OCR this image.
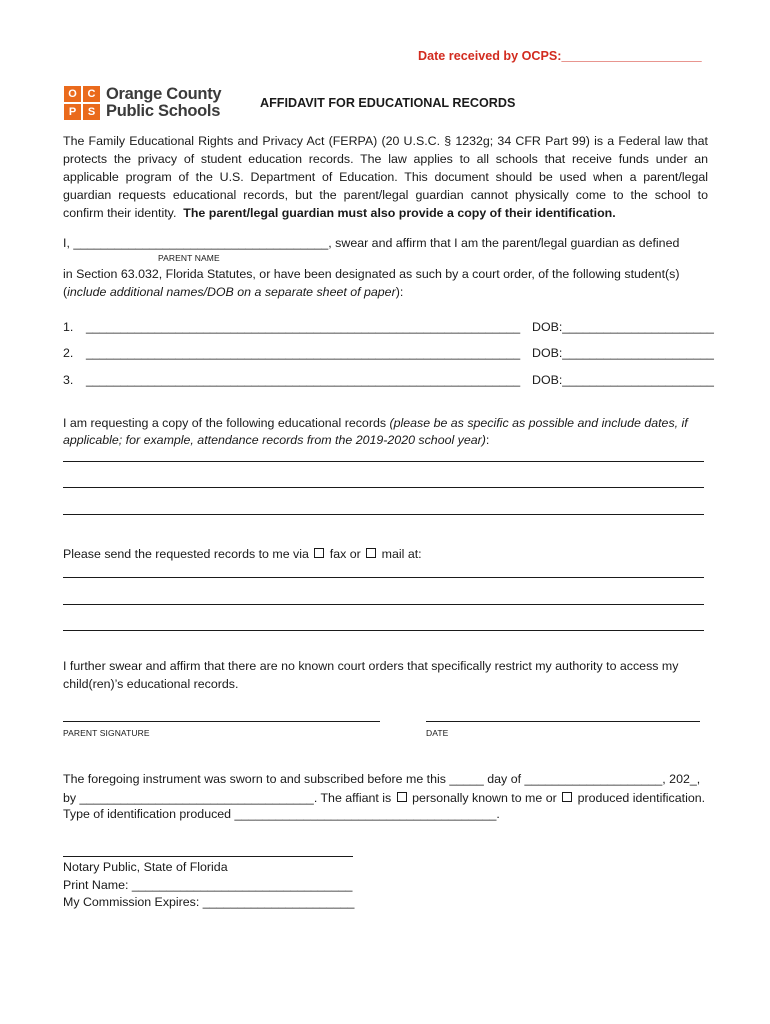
Date received by OCPS:____________________
O C
P	S
Orange County
Public Schools	AFFIDAVIT FOR EDUCATIONAL RECORDS
The Family Educational Rights and Privacy Act (FERPA) (20 U.S.C. § 1232g; 34 CFR Part 99) is a Federal law that
protects the privacy of student education records. The law applies to all schools that receive funds under an
applicable program of the U.S. Department of Education. This document should be used when a parent/legal
guardian requests educational records, but the parent/legal guardian cannot physically come to the school to
confirm their identity.  The parent/legal guardian must also provide a copy of their identification.
I, _____________________________________, swear and affirm that I am the parent/legal guardian as defined
PARENT NAME
in Section 63.032, Florida Statutes, or have been designated as such by a court order, of the following student(s)
(include additional names/DOB on a separate sheet of paper):
1. _______________________________________________________________ DOB:______________________
2. _______________________________________________________________ DOB:______________________
3. _______________________________________________________________ DOB:______________________
I am requesting a copy of the following educational records (please be as specific as possible and include dates, if
applicable; for example, attendance records from the 2019-2020 school year):
Please send the requested records to me via  fax or  mail at:
I further swear and affirm that there are no known court orders that specifically restrict my authority to access my
child(ren)’s educational records.
PARENT SIGNATURE	DATE
The foregoing instrument was sworn to and subscribed before me this _____ day of ____________________, 202_,
by __________________________________. The affiant is  personally known to me or  produced identification.
Type of identification produced ______________________________________.
Notary Public, State of Florida
Print Name: ________________________________
My Commission Expires: ______________________
